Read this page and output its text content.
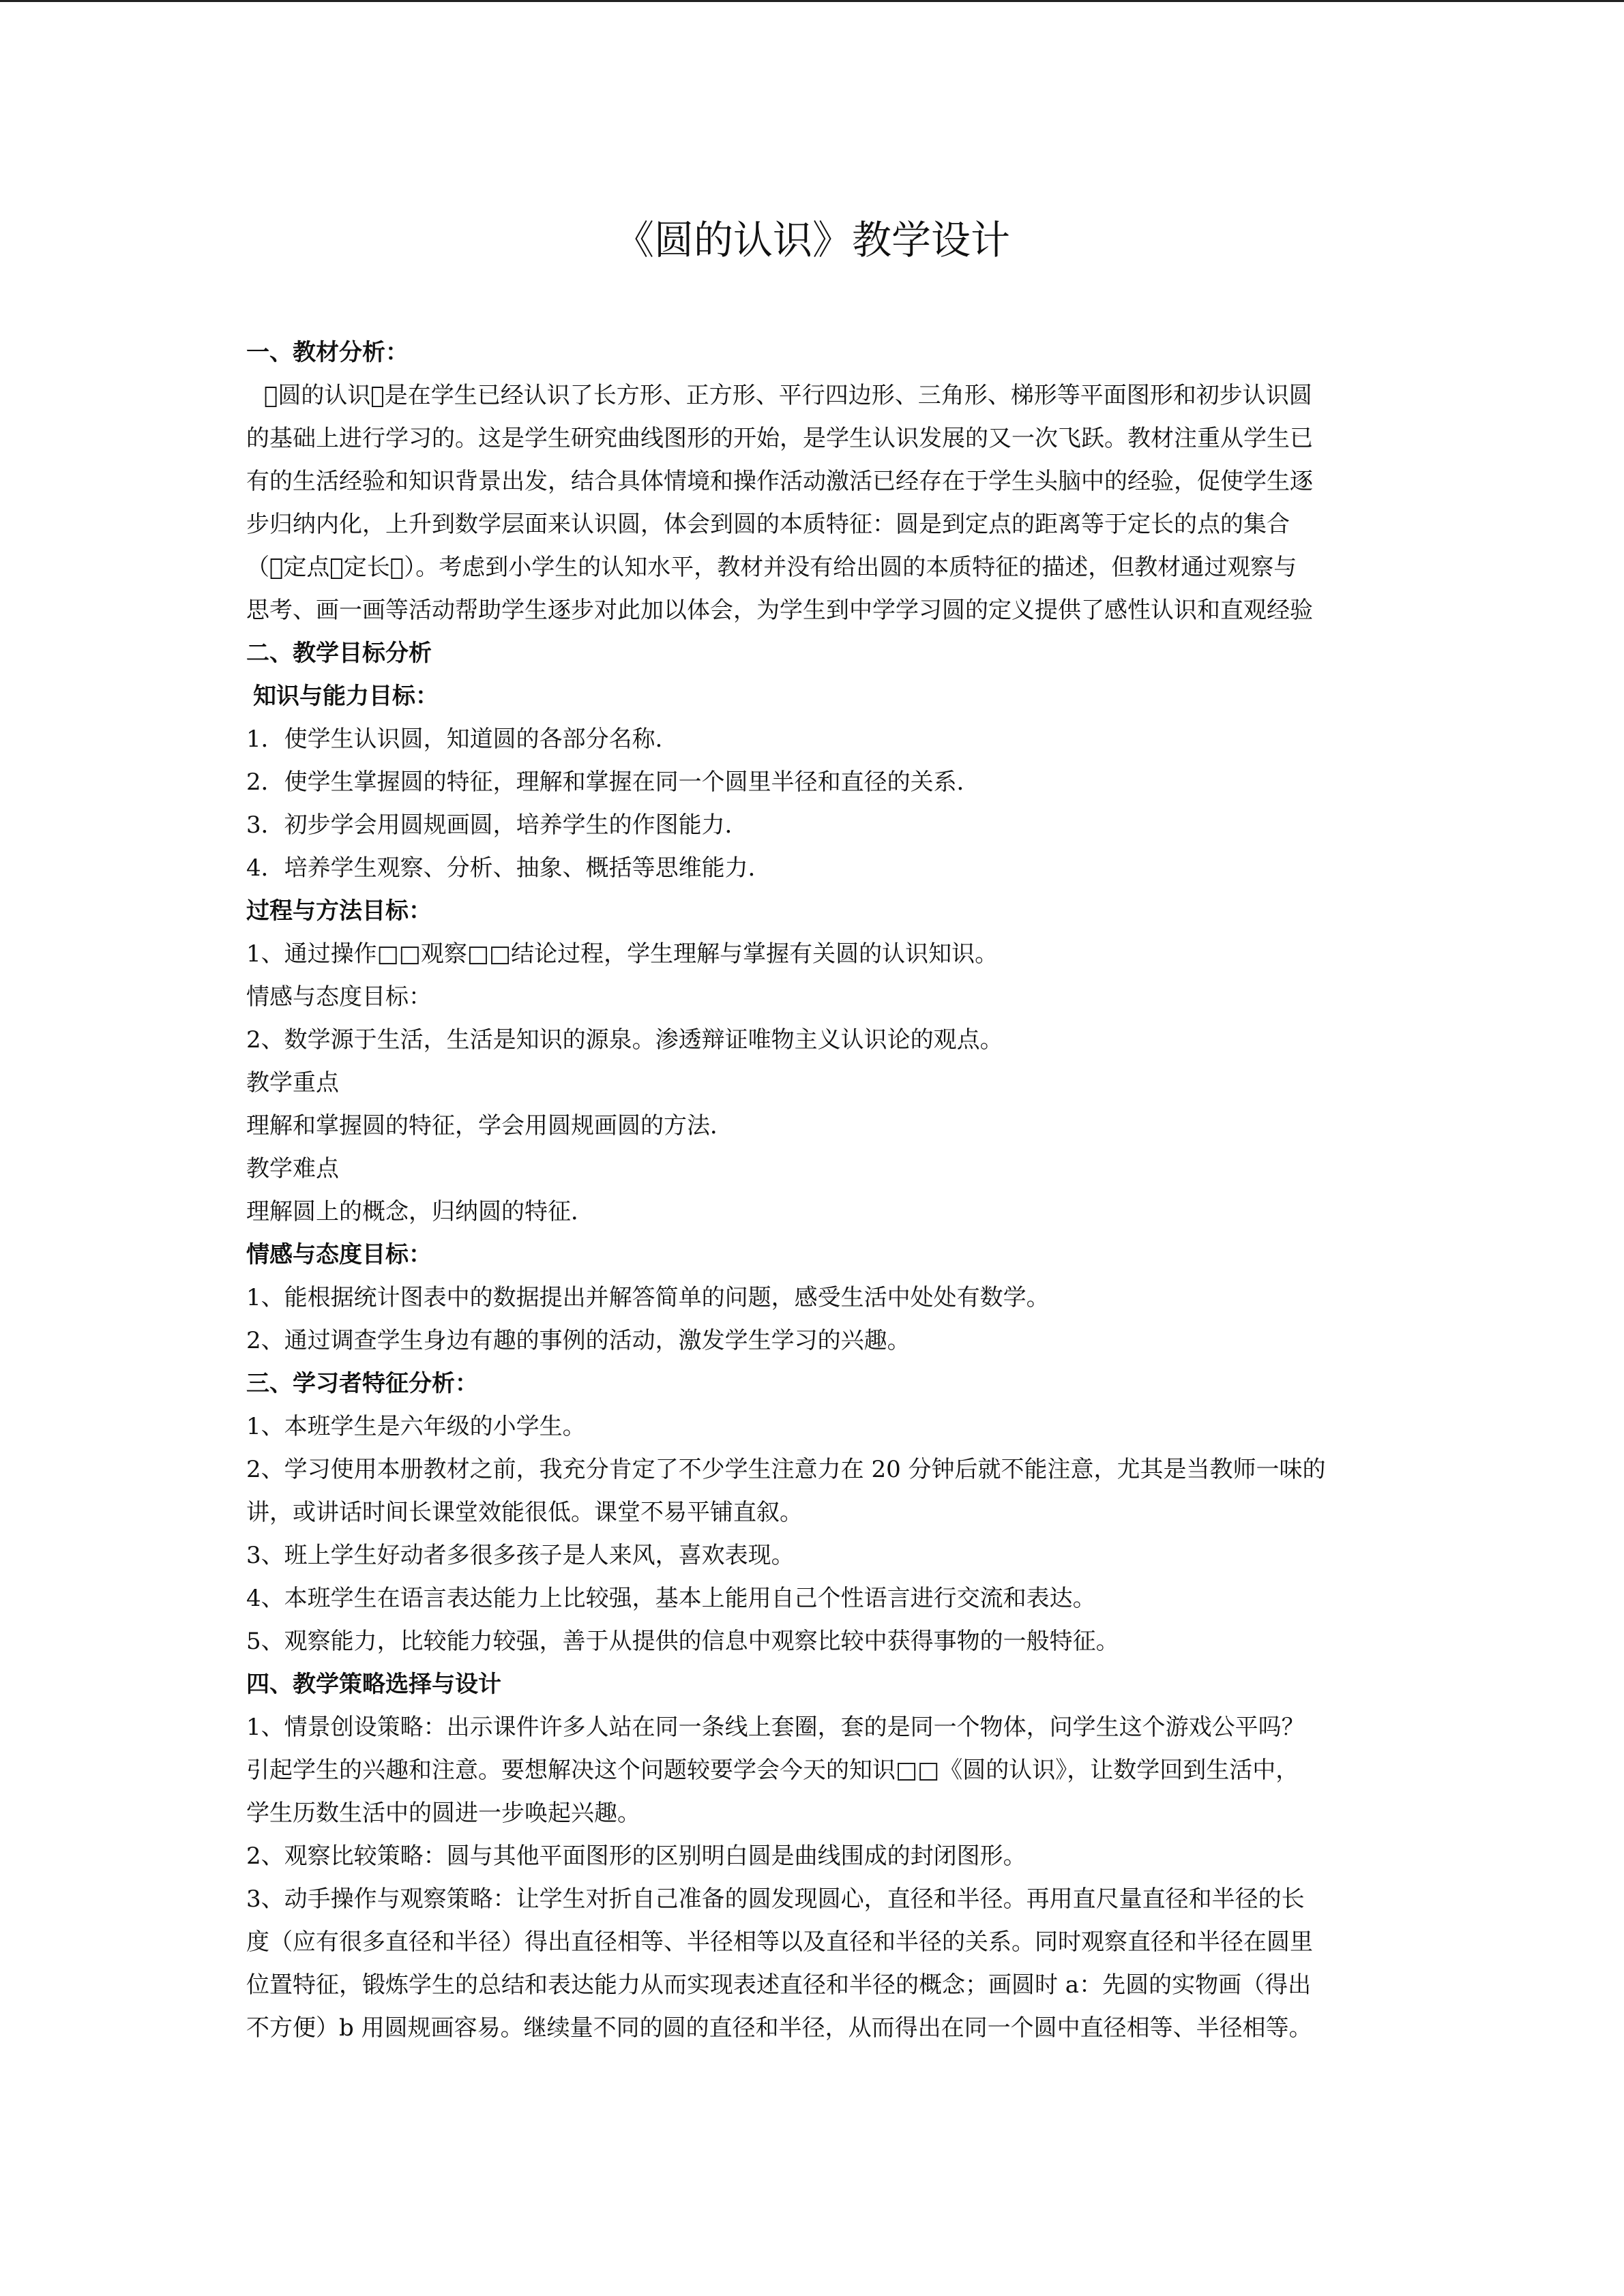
《圆的认识》教学设计
一、教材分析：
圆的认识 是在学生已经认识了长方形、正方形、平行四边形、三角形、梯形等平面图形和初步认识圆
的基础上进行学习的。这是学生研究曲线图形的开始，是学生认识发展的又一次飞跃。教材注重从学生已
有的生活经验和知识背景出发，结合具体情境和操作活动激活已经存在于学生头脑中的经验，促使学生逐
步归纳内化，上升到数学层面来认识圆，体会到圆的本质特征：圆是到定点的距离等于定长的点的集合
（ 定点 定长 ）。考虑到小学生的认知水平，教材并没有给出圆的本质特征的描述，但教材通过观察与
思考、画一画等活动帮助学生逐步对此加以体会，为学生到中学学习圆的定义提供了感性认识和直观经验
二、教学目标分析
知识与能力目标：
1．使学生认识圆，知道圆的各部分名称．
2．使学生掌握圆的特征，理解和掌握在同一个圆里半径和直径的关系．
3．初步学会用圆规画圆，培养学生的作图能力．
4．培养学生观察、分析、抽象、概括等思维能力．
过程与方法目标：
1、通过操作□□观察□□结论过程，学生理解与掌握有关圆的认识知识。
情感与态度目标：
2、数学源于生活，生活是知识的源泉。渗透辩证唯物主义认识论的观点。
教学重点
理解和掌握圆的特征，学会用圆规画圆的方法．
教学难点
理解圆上的概念，归纳圆的特征．
情感与态度目标：
1、能根据统计图表中的数据提出并解答简单的问题，感受生活中处处有数学。
2、通过调查学生身边有趣的事例的活动，激发学生学习的兴趣。
三、学习者特征分析：
1、本班学生是六年级的小学生。
2、学习使用本册教材之前，我充分肯定了不少学生注意力在 20 分钟后就不能注意，尤其是当教师一味的
讲，或讲话时间长课堂效能很低。课堂不易平铺直叙。
3、班上学生好动者多很多孩子是人来风，喜欢表现。
4、本班学生在语言表达能力上比较强，基本上能用自己个性语言进行交流和表达。
5、观察能力，比较能力较强，善于从提供的信息中观察比较中获得事物的一般特征。
四、教学策略选择与设计
1、情景创设策略：出示课件许多人站在同一条线上套圈，套的是同一个物体，问学生这个游戏公平吗？
引起学生的兴趣和注意。要想解决这个问题较要学会今天的知识□□《圆的认识》，让数学回到生活中，
学生历数生活中的圆进一步唤起兴趣。
2、观察比较策略：圆与其他平面图形的区别明白圆是曲线围成的封闭图形。
3、动手操作与观察策略：让学生对折自己准备的圆发现圆心，直径和半径。再用直尺量直径和半径的长
度（应有很多直径和半径）得出直径相等、半径相等以及直径和半径的关系。同时观察直径和半径在圆里
位置特征，锻炼学生的总结和表达能力从而实现表述直径和半径的概念；画圆时 a：先圆的实物画（得出
不方便）b 用圆规画容易。继续量不同的圆的直径和半径，从而得出在同一个圆中直径相等、半径相等。
